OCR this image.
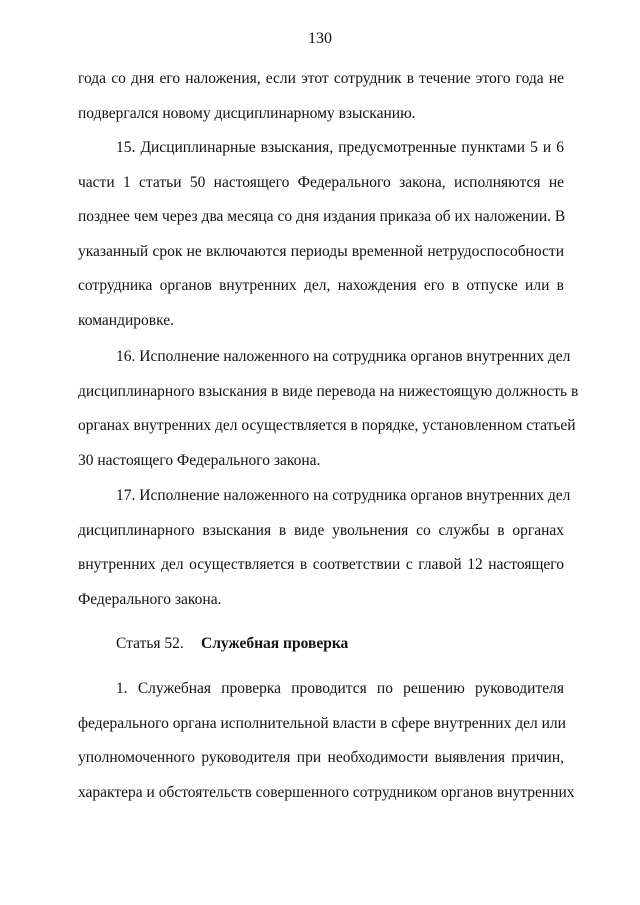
130
года со дня его наложения, если этот сотрудник в течение этого года не
подвергался новому дисциплинарному взысканию.
15. Дисциплинарные взыскания, предусмотренные пунктами 5 и 6
части 1 статьи 50 настоящего Федерального закона, исполняются не
позднее чем через два месяца со дня издания приказа об их наложении. В
указанный срок не включаются периоды временной нетрудоспособности
сотрудника органов внутренних дел, нахождения его в отпуске или в
командировке.
16. Исполнение наложенного на сотрудника органов внутренних дел
дисциплинарного взыскания в виде перевода на нижестоящую должность в
органах внутренних дел осуществляется в порядке, установленном статьей
30 настоящего Федерального закона.
17. Исполнение наложенного на сотрудника органов внутренних дел
дисциплинарного взыскания в виде увольнения со службы в органах
внутренних дел осуществляется в соответствии с главой 12 настоящего
Федерального закона.
Статья 52. Служебная проверка
1. Служебная проверка проводится по решению руководителя
федерального органа исполнительной власти в сфере внутренних дел или
уполномоченного руководителя при необходимости выявления причин,
характера и обстоятельств совершенного сотрудником органов внутренних
